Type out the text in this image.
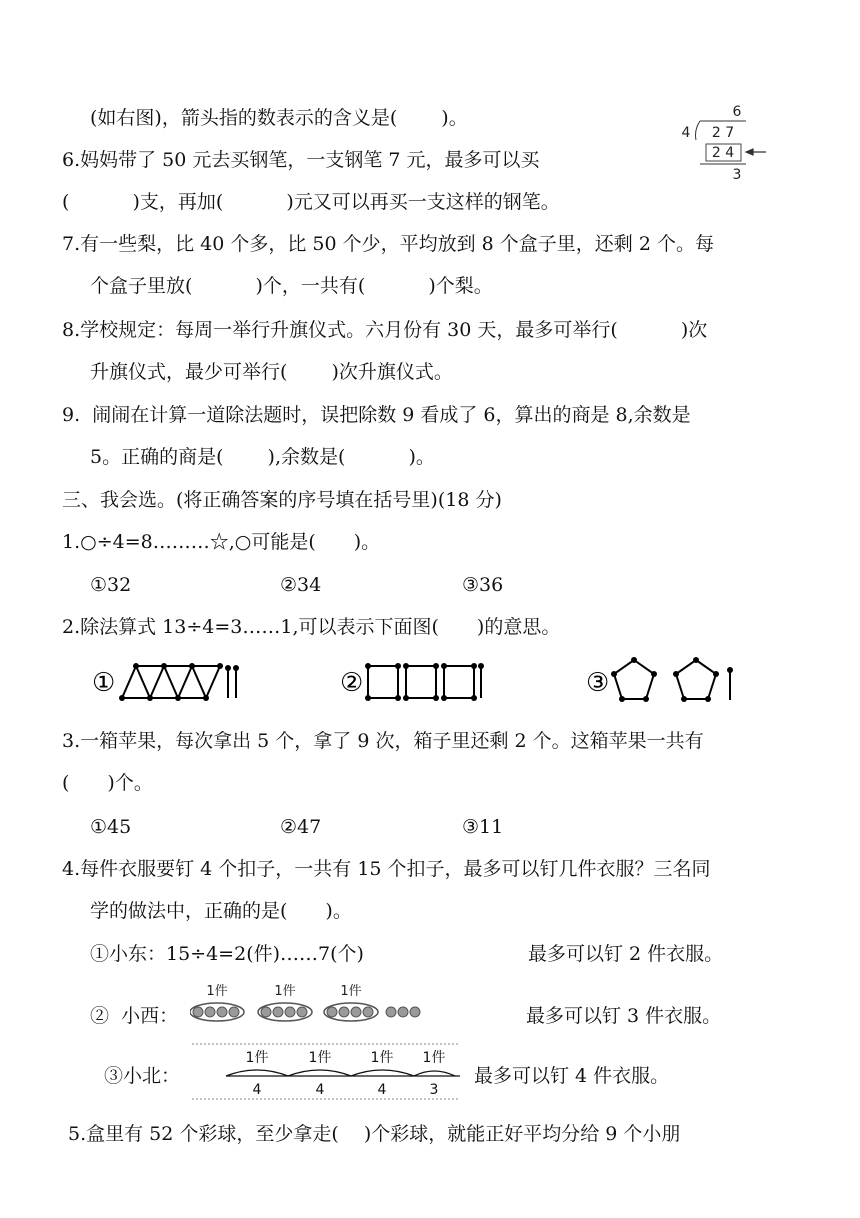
(如右图)，箭头指的数表示的含义是(　　 )。
6.妈妈带了 50 元去买钢笔，一支钢笔 7 元，最多可以买
(　　　 )支，再加(　　　 )元又可以再买一支这样的钢笔。
7.有一些梨，比 40 个多，比 50 个少，平均放到 8 个盒子里，还剩 2 个。每
个盒子里放(　　　 )个，一共有(　　　 )个梨。
8.学校规定：每周一举行升旗仪式。六月份有 30 天，最多可举行(　　　 )次
升旗仪式，最少可举行(　　 )次升旗仪式。
9.  闹闹在计算一道除法题时，误把除数 9 看成了 6，算出的商是 8,余数是
5。正确的商是(　　 ),余数是(　　　 )。
三、我会选。(将正确答案的序号填在括号里)(18 分)
1.○÷4=8………☆,○可能是(　　)。
①32	②34	③36
2.除法算式 13÷4=3……1,可以表示下面图(　　)的意思。
①	②	③
3.一箱苹果，每次拿出 5 个，拿了 9 次，箱子里还剩 2 个。这箱苹果一共有
(　　)个。
①45	②47	③11
4.每件衣服要钉 4 个扣子，一共有 15 个扣子，最多可以钉几件衣服？三名同
学的做法中，正确的是(　　)。
①小东：15÷4=2(件)……7(个)	最多可以钉 2 件衣服。
②  小西：	最多可以钉 3 件衣服。
1件	1件	1件
③小北：	最多可以钉 4 件衣服。
1件	1件	1件 1件
4	4	4	3
5.盒里有 52 个彩球，至少拿走(　 )个彩球，就能正好平均分给 9 个小朋
6
4 2 7
2 4
3
